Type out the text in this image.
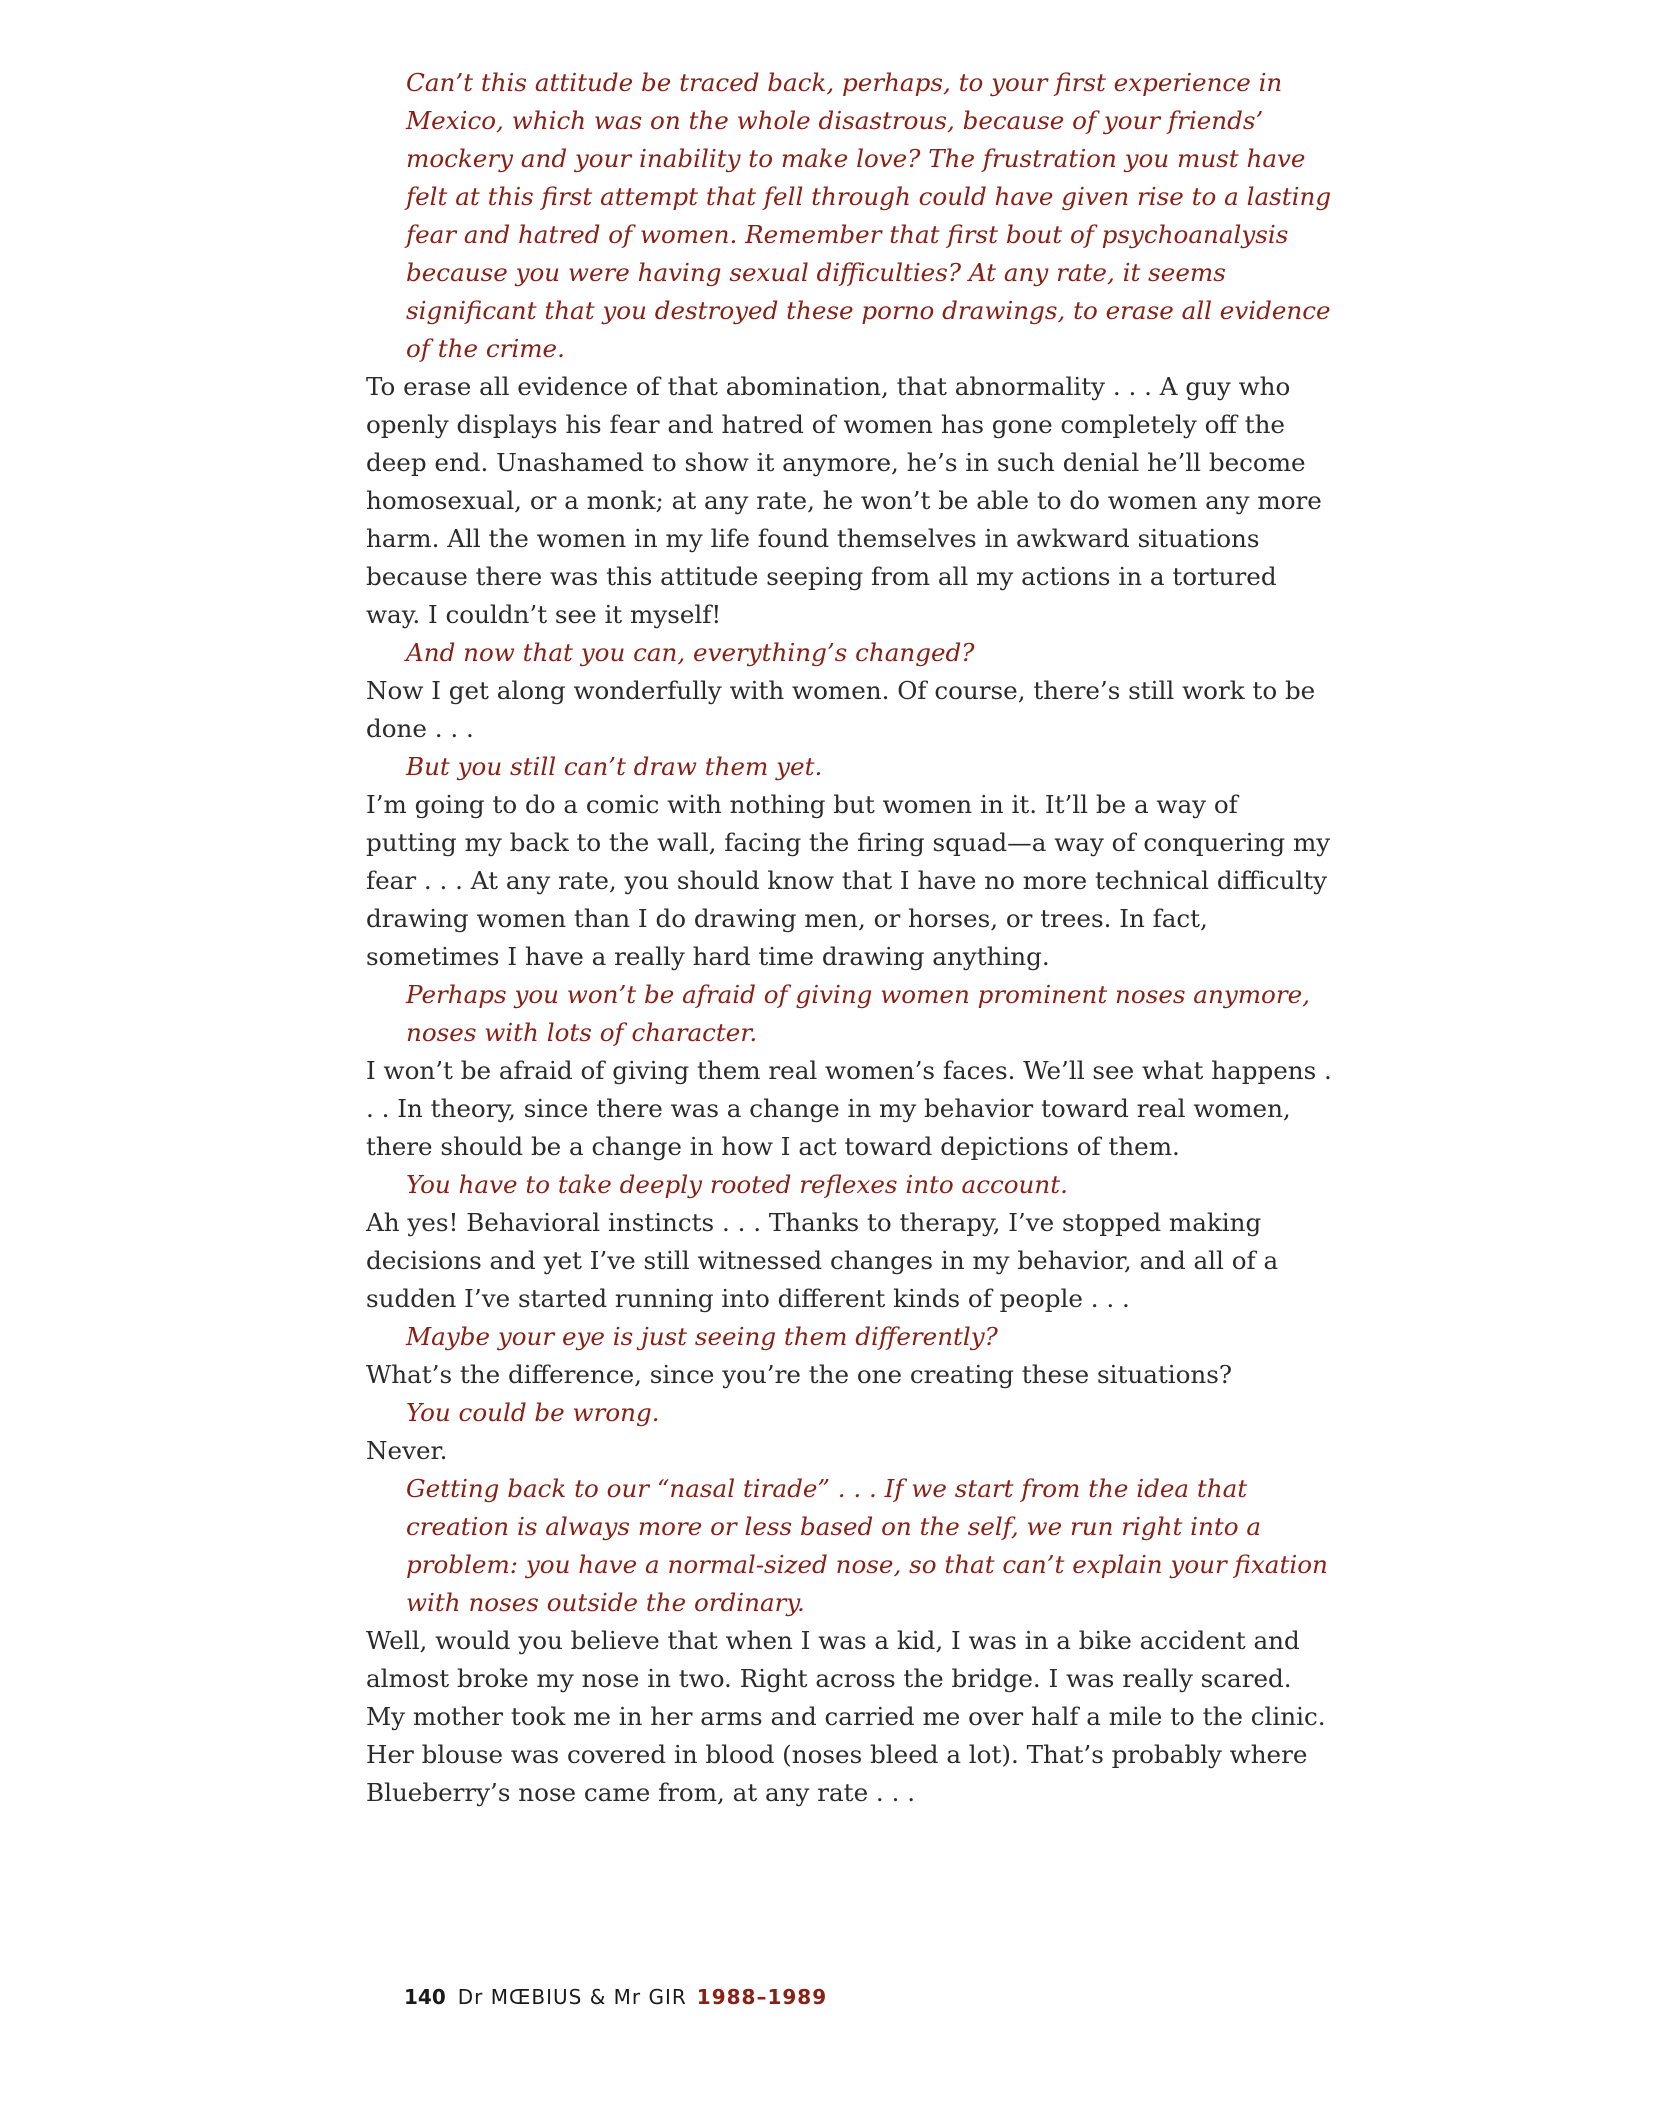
Can’t this attitude be traced back, perhaps, to your first experience in Mexico, which was on the whole disastrous, because of your friends’ mockery and your inability to make love? The frustration you must have felt at this first attempt that fell through could have given rise to a lasting fear and hatred of women. Remember that first bout of psychoanalysis because you were having sexual difficulties? At any rate, it seems significant that you destroyed these porno drawings, to erase all evidence of the crime.

To erase all evidence of that abomination, that abnormality . . . A guy who openly displays his fear and hatred of women has gone completely off the deep end. Unashamed to show it anymore, he’s in such denial he’ll become homosexual, or a monk; at any rate, he won’t be able to do women any more harm. All the women in my life found themselves in awkward situations because there was this attitude seeping from all my actions in a tortured way. I couldn’t see it myself!

And now that you can, everything’s changed?

Now I get along wonderfully with women. Of course, there’s still work to be done . . .

But you still can’t draw them yet.

I’m going to do a comic with nothing but women in it. It’ll be a way of putting my back to the wall, facing the firing squad—a way of conquering my fear . . . At any rate, you should know that I have no more technical difficulty drawing women than I do drawing men, or horses, or trees. In fact, sometimes I have a really hard time drawing anything.

Perhaps you won’t be afraid of giving women prominent noses anymore, noses with lots of character.

I won’t be afraid of giving them real women’s faces. We’ll see what happens . . . In theory, since there was a change in my behavior toward real women, there should be a change in how I act toward depictions of them.

You have to take deeply rooted reflexes into account.

Ah yes! Behavioral instincts . . . Thanks to therapy, I’ve stopped making decisions and yet I’ve still witnessed changes in my behavior, and all of a sudden I’ve started running into different kinds of people . . .

Maybe your eye is just seeing them differently?

What’s the difference, since you’re the one creating these situations?

You could be wrong.

Never.

Getting back to our “nasal tirade” . . . If we start from the idea that creation is always more or less based on the self, we run right into a problem: you have a normal-sized nose, so that can’t explain your fixation with noses outside the ordinary.

Well, would you believe that when I was a kid, I was in a bike accident and almost broke my nose in two. Right across the bridge. I was really scared. My mother took me in her arms and carried me over half a mile to the clinic. Her blouse was covered in blood (noses bleed a lot). That’s probably where Blueberry’s nose came from, at any rate . . .

140 Dr MŒBIUS & Mr GIR 1988–1989
